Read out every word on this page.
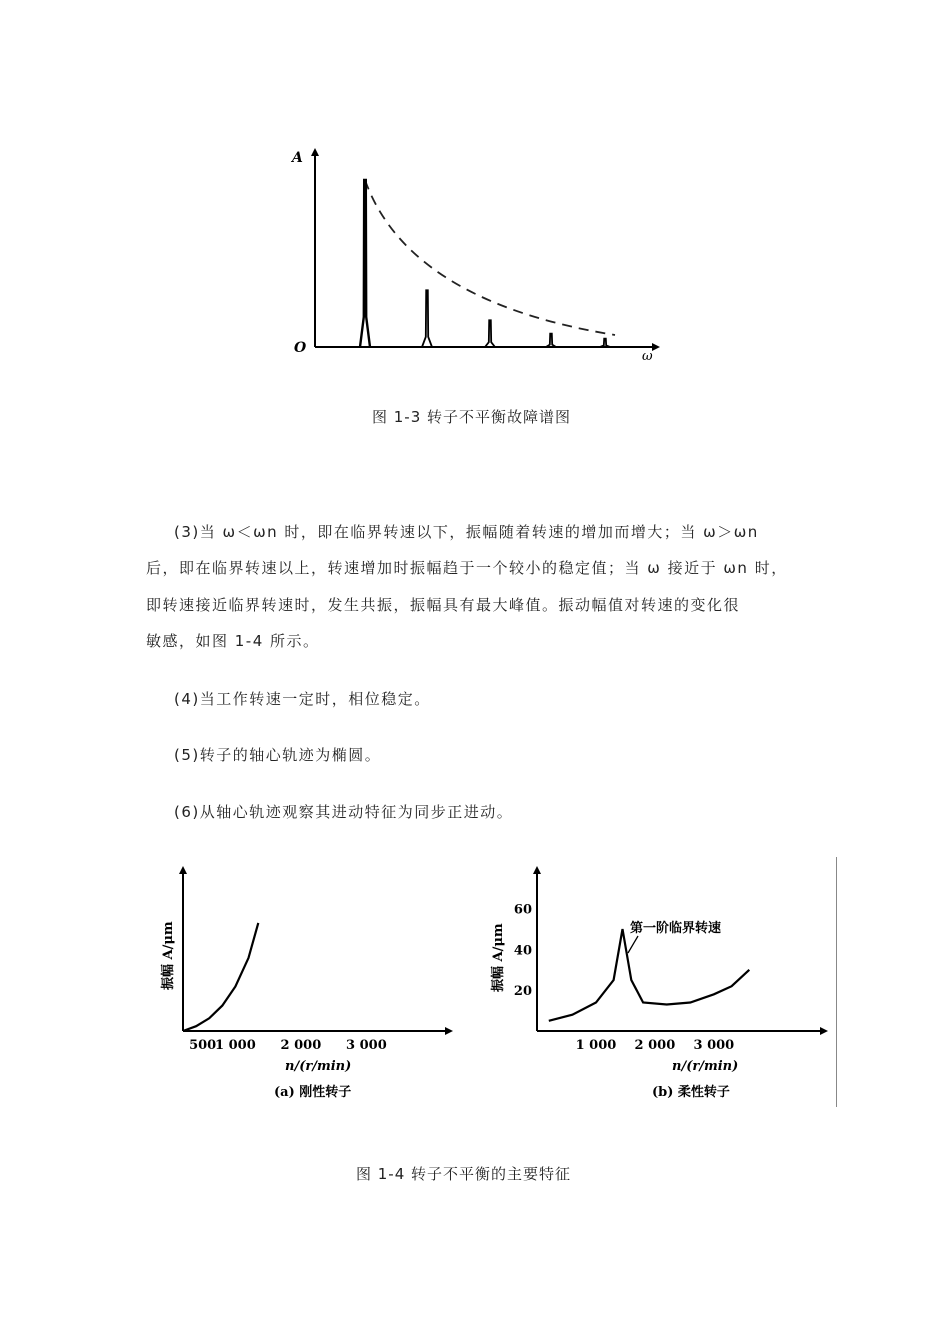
A
O
ω
图 1-3 转子不平衡故障谱图
(3)当 ω＜ωn 时，即在临界转速以下，振幅随着转速的增加而增大；当 ω＞ωn
后，即在临界转速以上，转速增加时振幅趋于一个较小的稳定值；当 ω 接近于 ωn 时，
即转速接近临界转速时，发生共振，振幅具有最大峰值。振动幅值对转速的变化很
敏感，如图 1-4 所示。
(4)当工作转速一定时，相位稳定。
(5)转子的轴心轨迹为椭圆。
(6)从轴心轨迹观察其进动特征为同步正进动。
振幅 A/μm
500
1 000 2 000 3 000
n/(r/min)
(a) 刚性转子
振幅 A/μm 20
40
60
1 000 2 000 3 000
n/(r/min)
(b) 柔性转子
第一阶临界转速
图 1-4 转子不平衡的主要特征
